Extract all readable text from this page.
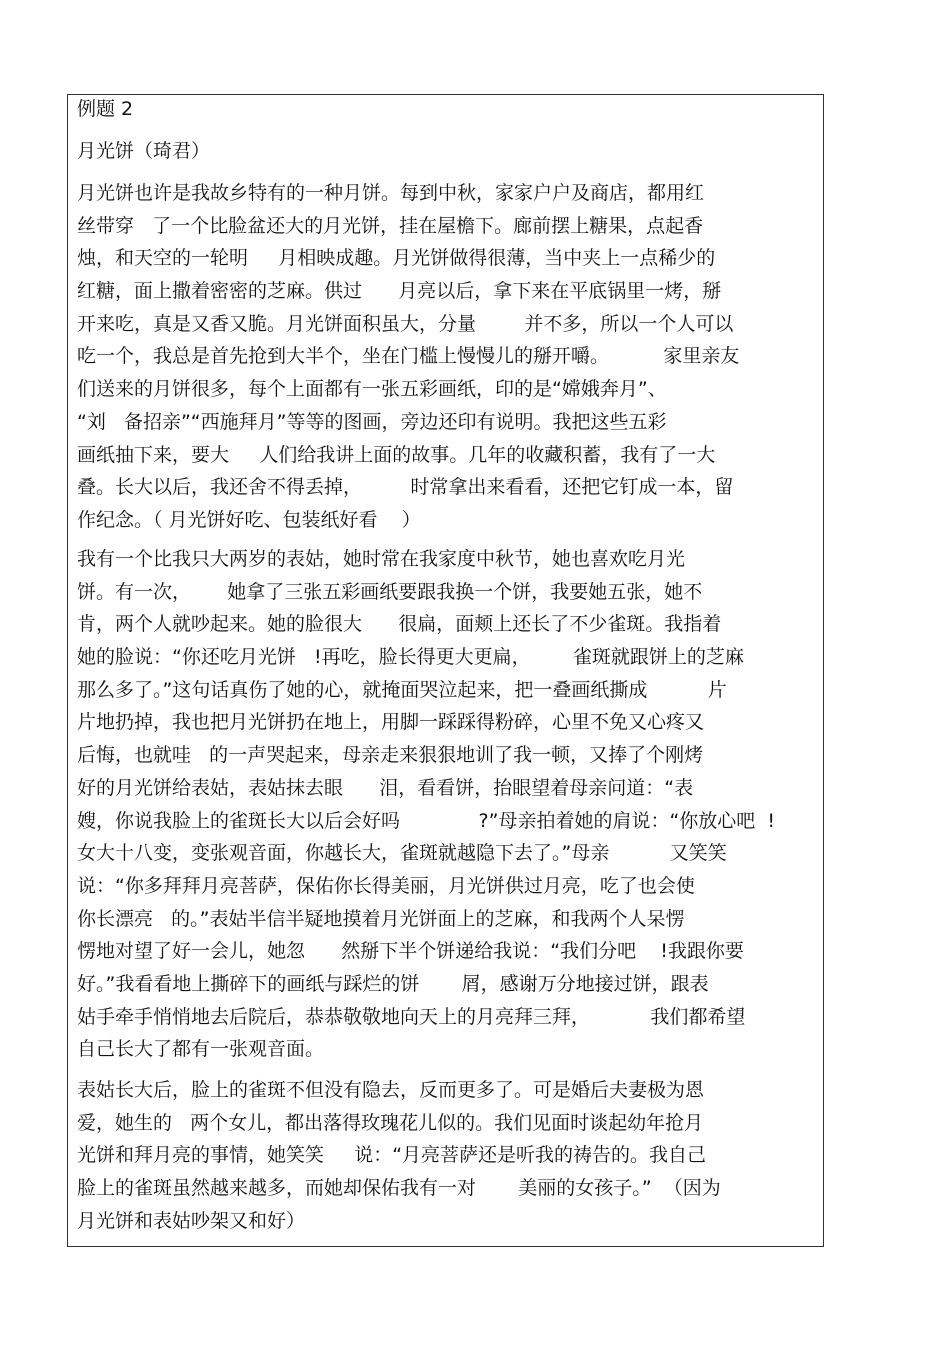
例题 2
月光饼（琦君）
月光饼也许是我故乡特有的一种月饼。每到中秋，家家户户及商店，都用红
丝带穿   了一个比脸盆还大的月光饼，挂在屋檐下。廊前摆上糖果，点起香
烛，和天空的一轮明     月相映成趣。月光饼做得很薄，当中夹上一点稀少的
红糖，面上撒着密密的芝麻。供过      月亮以后，拿下来在平底锅里一烤，掰
开来吃，真是又香又脆。月光饼面积虽大，分量        并不多，所以一个人可以
吃一个，我总是首先抢到大半个，坐在门槛上慢慢儿的掰开嚼。         家里亲友
们送来的月饼很多，每个上面都有一张五彩画纸，印的是“嫦娥奔月”、
“刘   备招亲”“西施拜月”等等的图画，旁边还印有说明。我把这些五彩
画纸抽下来，要大     人们给我讲上面的故事。几年的收藏积蓄，我有了一大
叠。长大以后，我还舍不得丢掉，        时常拿出来看看，还把它钉成一本，留
作纪念。（ 月光饼好吃、包装纸好看    ）
我有一个比我只大两岁的表姑，她时常在我家度中秋节，她也喜欢吃月光
饼。有一次，      她拿了三张五彩画纸要跟我换一个饼，我要她五张，她不
肯，两个人就吵起来。她的脸很大      很扁，面颊上还长了不少雀斑。我指着
她的脸说：“你还吃月光饼   !再吃，脸长得更大更扁，       雀斑就跟饼上的芝麻
那么多了。”这句话真伤了她的心，就掩面哭泣起来，把一叠画纸撕成          片
片地扔掉，我也把月光饼扔在地上，用脚一踩踩得粉碎，心里不免又心疼又
后悔，也就哇   的一声哭起来，母亲走来狠狠地训了我一顿，又捧了个刚烤
好的月光饼给表姑，表姑抹去眼      泪，看看饼，抬眼望着母亲问道：“表
嫂，你说我脸上的雀斑长大以后会好吗             ?”母亲拍着她的肩说：“你放心吧  !
女大十八变，变张观音面，你越长大，雀斑就越隐下去了。”母亲          又笑笑
说：“你多拜拜月亮菩萨，保佑你长得美丽，月光饼供过月亮，吃了也会使
你长漂亮   的。”表姑半信半疑地摸着月光饼面上的芝麻，和我两个人呆愣
愣地对望了好一会儿，她忽      然掰下半个饼递给我说：“我们分吧    !我跟你要
好。”我看看地上撕碎下的画纸与踩烂的饼       屑，感谢万分地接过饼，跟表
姑手牵手悄悄地去后院后，恭恭敬敬地向天上的月亮拜三拜，          我们都希望
自己长大了都有一张观音面。
表姑长大后，脸上的雀斑不但没有隐去，反而更多了。可是婚后夫妻极为恩
爱，她生的   两个女儿，都出落得玫瑰花儿似的。我们见面时谈起幼年抢月
光饼和拜月亮的事情，她笑笑     说：“月亮菩萨还是听我的祷告的。我自己
脸上的雀斑虽然越来越多，而她却保佑我有一对       美丽的女孩子。”  （因为
月光饼和表姑吵架又和好）
